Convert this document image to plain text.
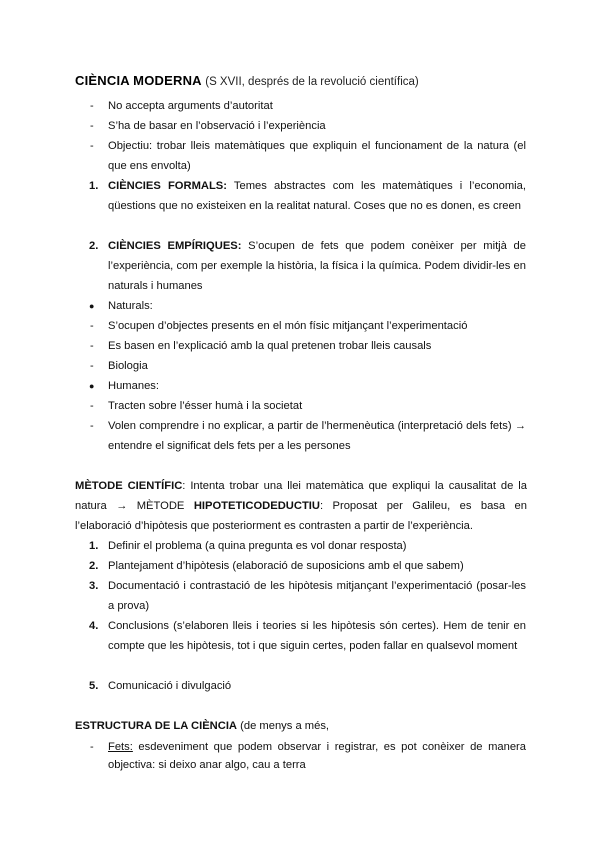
CIÈNCIA MODERNA (S XVII, després de la revolució científica)
-	No accepta arguments d’autoritat
-	S’ha de basar en l’observació i l’experiència
-	Objectiu: trobar lleis matemàtiques que expliquin el funcionament de la natura (el que ens envolta)
1. CIÈNCIES FORMALS: Temes abstractes com les matemàtiques i l’economia, qüestions que no existeixen en la realitat natural. Coses que no es donen, es creen
2. CIÈNCIES EMPÍRIQUES: S’ocupen de fets que podem conèixer per mitjà de l’experiència, com per exemple la història, la física i la química. Podem dividir-les en naturals i humanes
● Naturals:
-	S’ocupen d’objectes presents en el món físic mitjançant l’experimentació
-	Es basen en l’explicació amb la qual pretenen trobar lleis causals
-	Biologia
● Humanes:
-	Tracten sobre l’ésser humà i la societat
-	Volen comprendre i no explicar, a partir de l’hermenèutica (interpretació dels fets) → entendre el significat dels fets per a les persones
MÈTODE CIENTÍFIC: Intenta trobar una llei matemàtica que expliqui la causalitat de la natura → MÈTODE HIPOTETICODEDUCTIU: Proposat per Galileu, es basa en l’elaboració d’hipòtesis que posteriorment es contrasten a partir de l’experiència.
1. Definir el problema (a quina pregunta es vol donar resposta)
2. Plantejament d’hipòtesis (elaboració de suposicions amb el que sabem)
3. Documentació i contrastació de les hipòtesis mitjançant l’experimentació (posar-les a prova)
4. Conclusions (s’elaboren lleis i teories si les hipòtesis són certes). Hem de tenir en compte que les hipòtesis, tot i que siguin certes, poden fallar en qualsevol moment
5. Comunicació i divulgació
ESTRUCTURA DE LA CIÈNCIA (de menys a més,
-	Fets: esdeveniment que podem observar i registrar, es pot conèixer de manera objectiva: si deixo anar algo, cau a terra
